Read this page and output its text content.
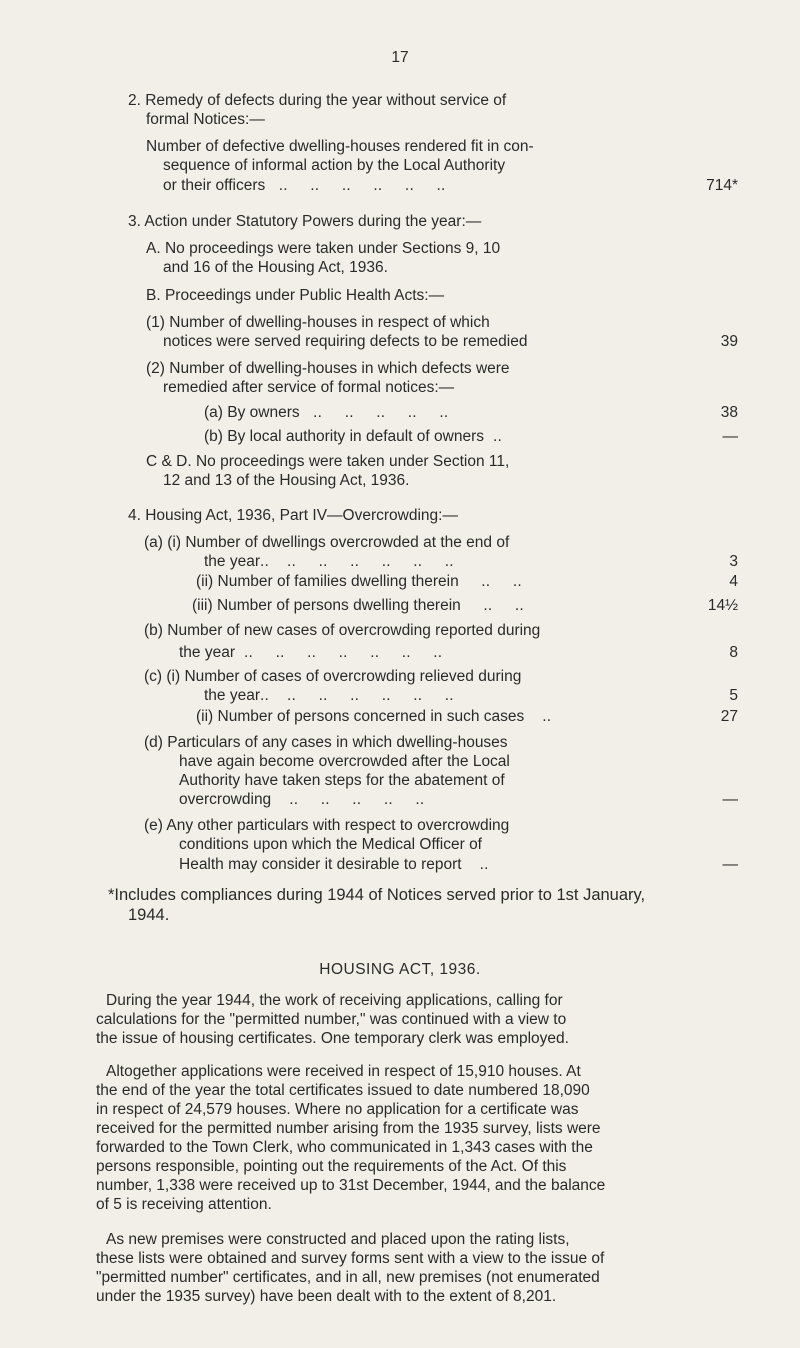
17
2. Remedy of defects during the year without service of
formal Notices:—
Number of defective dwelling-houses rendered fit in con-
sequence of informal action by the Local Authority
or their officers   ..     ..     ..     ..     ..     ..	714*
3. Action under Statutory Powers during the year:—
A. No proceedings were taken under Sections 9, 10
and 16 of the Housing Act, 1936.
B. Proceedings under Public Health Acts:—
(1) Number of dwelling-houses in respect of which
notices were served requiring defects to be remedied	39
(2) Number of dwelling-houses in which defects were
remedied after service of formal notices:—
(a) By owners   ..     ..     ..     ..     ..	38
(b) By local authority in default of owners  ..	—
C & D. No proceedings were taken under Section 11,
12 and 13 of the Housing Act, 1936.
4. Housing Act, 1936, Part IV—Overcrowding:—
(a) (i) Number of dwellings overcrowded at the end of
the year..    ..     ..     ..     ..     ..     ..	3
(ii) Number of families dwelling therein     ..     ..	4
(iii) Number of persons dwelling therein     ..     ..	14½
(b) Number of new cases of overcrowding reported during
the year  ..     ..     ..     ..     ..     ..     ..	8
(c) (i) Number of cases of overcrowding relieved during
the year..    ..     ..     ..     ..     ..     ..	5
(ii) Number of persons concerned in such cases    ..	27
(d) Particulars of any cases in which dwelling-houses
have again become overcrowded after the Local
Authority have taken steps for the abatement of
overcrowding    ..     ..     ..     ..     ..	—
(e) Any other particulars with respect to overcrowding
conditions upon which the Medical Officer of
Health may consider it desirable to report    ..	—
*Includes compliances during 1944 of Notices served prior to 1st January,
1944.
HOUSING ACT, 1936.
During the year 1944, the work of receiving applications, calling for
calculations for the "permitted number," was continued with a view to
the issue of housing certificates. One temporary clerk was employed.
Altogether applications were received in respect of 15,910 houses. At
the end of the year the total certificates issued to date numbered 18,090
in respect of 24,579 houses. Where no application for a certificate was
received for the permitted number arising from the 1935 survey, lists were
forwarded to the Town Clerk, who communicated in 1,343 cases with the
persons responsible, pointing out the requirements of the Act. Of this
number, 1,338 were received up to 31st December, 1944, and the balance
of 5 is receiving attention.
As new premises were constructed and placed upon the rating lists,
these lists were obtained and survey forms sent with a view to the issue of
"permitted number" certificates, and in all, new premises (not enumerated
under the 1935 survey) have been dealt with to the extent of 8,201.
